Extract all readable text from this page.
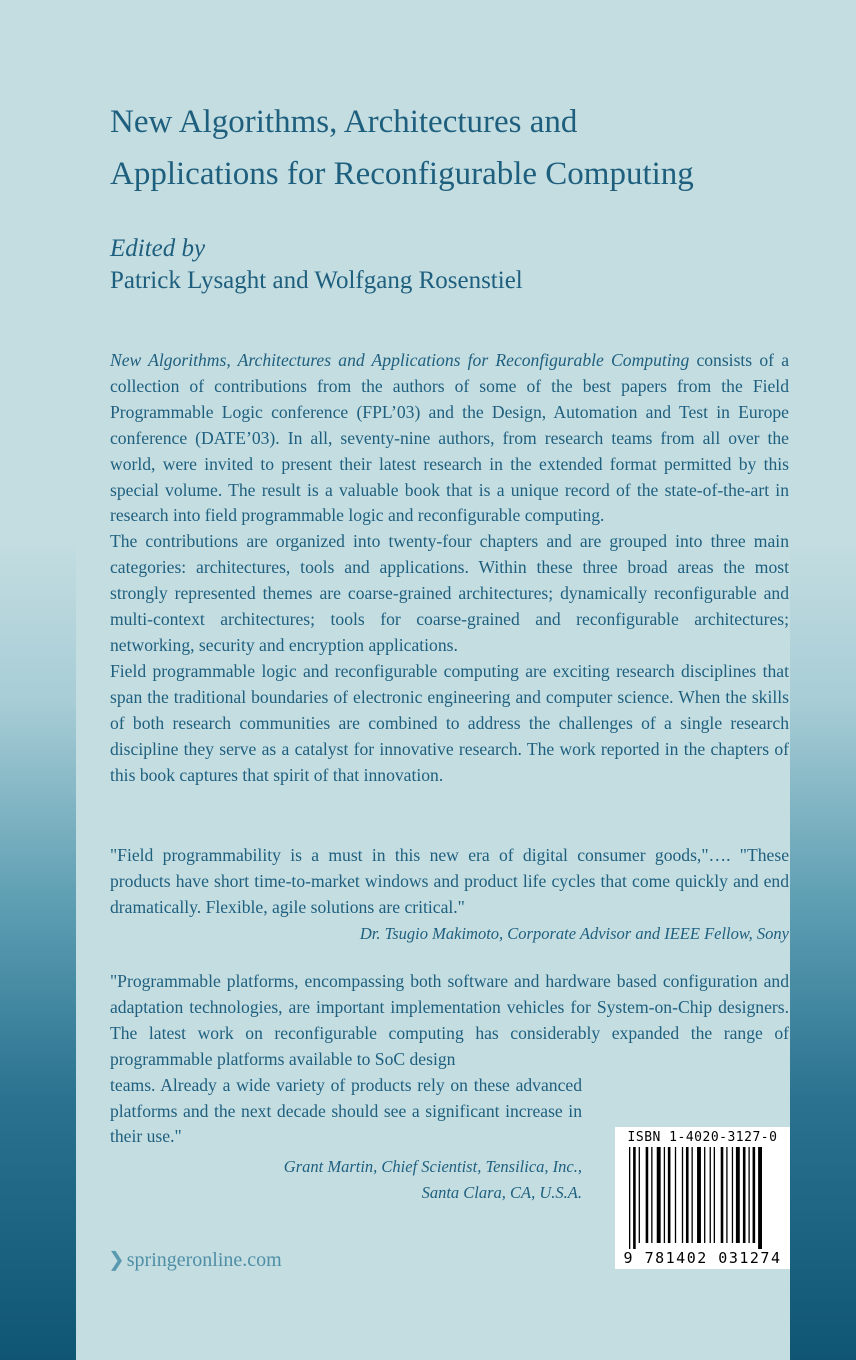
New Algorithms, Architectures and
Applications for Reconfigurable Computing
Edited by
Patrick Lysaght and Wolfgang Rosenstiel

New Algorithms, Architectures and Applications for Reconfigurable Computing consists of a collection of contributions from the authors of some of the best papers from the Field Programmable Logic conference (FPL’03) and the Design, Automation and Test in Europe conference (DATE’03). In all, seventy-nine authors, from research teams from all over the world, were invited to present their latest research in the extended format permitted by this special volume. The result is a valuable book that is a unique record of the state-of-the-art in research into field programmable logic and reconfigurable computing.

The contributions are organized into twenty-four chapters and are grouped into three main categories: architectures, tools and applications. Within these three broad areas the most strongly represented themes are coarse-grained architectures; dynamically reconfigurable and multi-context architectures; tools for coarse-grained and reconfigurable architectures; networking, security and encryption applications.

Field programmable logic and reconfigurable computing are exciting research disciplines that span the traditional boundaries of electronic engineering and computer science. When the skills of both research communities are combined to address the challenges of a single research discipline they serve as a catalyst for innovative research. The work reported in the chapters of this book captures that spirit of that innovation.

"Field programmability is a must in this new era of digital consumer goods,"…. "These products have short time-to-market windows and product life cycles that come quickly and end dramatically. Flexible, agile solutions are critical."

Dr. Tsugio Makimoto, Corporate Advisor and IEEE Fellow, Sony

"Programmable platforms, encompassing both software and hardware based configuration and adaptation technologies, are important implementation vehicles for System-on-Chip designers. The latest work on reconfigurable computing has considerably expanded the range of programmable platforms available to SoC design

teams. Already a wide variety of products rely on these advanced platforms and the next decade should see a significant increase in their use."

Grant Martin, Chief Scientist, Tensilica, Inc.,
Santa Clara, CA, U.S.A.
ISBN 1-4020-3127-0
9 781402 031274
❯ springeronline.com
